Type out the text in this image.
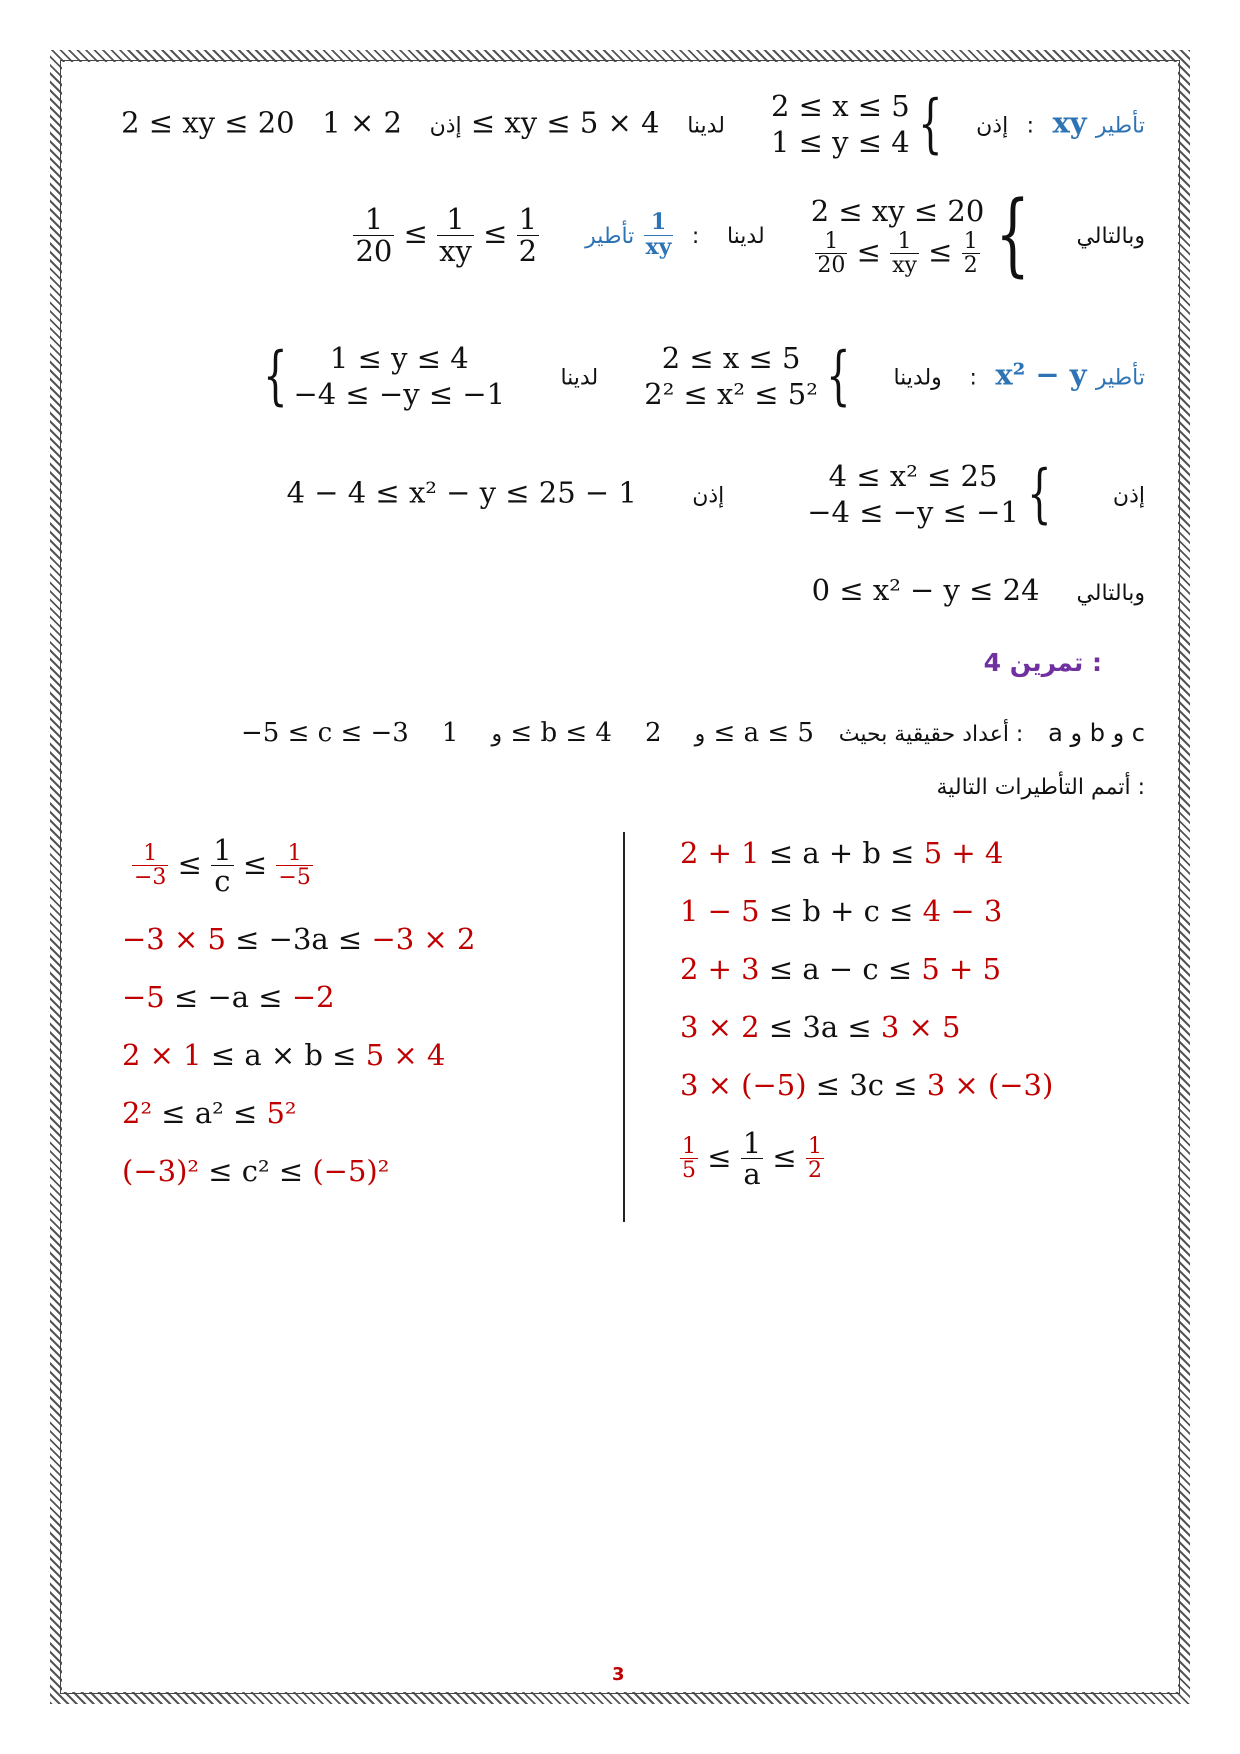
2 ≤ xy ≤ 20	إذن   2 × 1 ≤ xy ≤ 5 × 4	إذن   {
2 ≤ x ≤ 5
1 ≤ y ≤ 4
لدينا	: xy تأطير
$\frac{1}{20} \le \frac{1}{xy} \le \frac{1}{2}$	وبالتالي    {
2 ≤ xy ≤ 20
$\frac{1}{20} \le \frac{1}{xy} \le \frac{1}{2}$
لدينا   :
$\frac{1}{xy}$
تأطير
{	1 ≤ y ≤ 4
−4 ≤ −y ≤ −1	ولدينا    {
2 ≤ x ≤ 5
2² ≤ x² ≤ 5²
لدينا	: x² − y تأطير
4 − 4 ≤ x² − y ≤ 25 − 1	إذن      {
4 ≤ x² ≤ 25
−4 ≤ −y ≤ −1
إذن
0 ≤ x² − y ≤ 24 وبالتالي
تمرين 4 :
−5 ≤ c ≤ −3	و    1 ≤ b ≤ 4	و    2 ≤ a ≤ 5 أعداد حقيقية بحيث : a و b و c
أتمم التأطيرات التالية :
2 + 1 ≤ a + b ≤ 5 + 4
1 − 5 ≤ b + c ≤ 4 − 3
2 + 3 ≤ a − c ≤ 5 + 5
3 × 2 ≤ 3a ≤ 3 × 5
3 × (−5) ≤ 3c ≤ 3 × (−3)
$\frac{1}{5} \le \frac{1}{a} \le \frac{1}{2}$
$\frac{1}{-3} \le \frac{1}{c} \le \frac{1}{-5}$
−3 × 5 ≤ −3a ≤ −3 × 2
−5 ≤ −a ≤ −2
2 × 1 ≤ a × b ≤ 5 × 4
2² ≤ a² ≤ 5²
(−3)² ≤ c² ≤ (−5)²
3
